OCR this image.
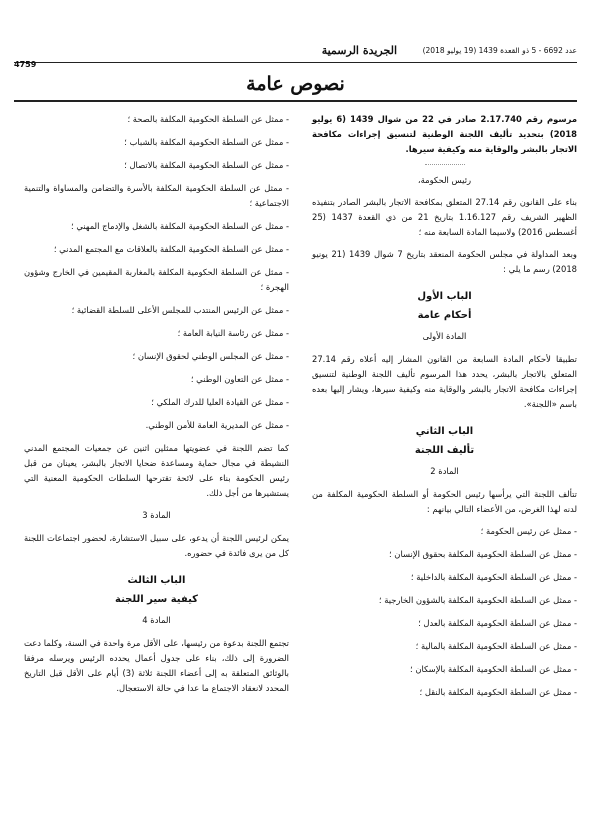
عدد 6692 - 5 ذو القعدة 1439 (19 يوليو 2018)
الجريدة الرسمية
4759
نصوص عامة

مرسوم رقم 2.17.740 صادر في 22 من شوال 1439 (6 يوليو 2018) بتحديد تأليف اللجنة الوطنية لتنسيق إجراءات مكافحة الاتجار بالبشر والوقاية منه وكيفية سيرها.

رئيس الحكومة،

بناء على القانون رقم 27.14 المتعلق بمكافحة الاتجار بالبشر الصادر بتنفيذه الظهير الشريف رقم 1.16.127 بتاريخ 21 من ذي القعدة 1437 (25 أغسطس 2016) ولاسيما المادة السابعة منه ؛

وبعد المداولة في مجلس الحكومة المنعقد بتاريخ 7 شوال 1439 (21 يونيو 2018) رسم ما يلي :

الباب الأول
أحكام عامة
المادة الأولى

تطبيقا لأحكام المادة السابعة من القانون المشار إليه أعلاه رقم 27.14 المتعلق بالاتجار بالبشر، يحدد هذا المرسوم تأليف اللجنة الوطنية لتنسيق إجراءات مكافحة الاتجار بالبشر والوقاية منه وكيفية سيرها، ويشار إليها بعده باسم «اللجنة».

الباب الثاني
تأليف اللجنة
المادة 2

تتألف اللجنة التي يرأسها رئيس الحكومة أو السلطة الحكومية المكلفة من لدنه لهذا الغرض، من الأعضاء التالي بيانهم :

- ممثل عن رئيس الحكومة ؛
- ممثل عن السلطة الحكومية المكلفة بحقوق الإنسان ؛
- ممثل عن السلطة الحكومية المكلفة بالداخلية ؛
- ممثل عن السلطة الحكومية المكلفة بالشؤون الخارجية ؛
- ممثل عن السلطة الحكومية المكلفة بالعدل ؛
- ممثل عن السلطة الحكومية المكلفة بالمالية ؛
- ممثل عن السلطة الحكومية المكلفة بالإسكان ؛
- ممثل عن السلطة الحكومية المكلفة بالنقل ؛
- ممثل عن السلطة الحكومية المكلفة بالصحة ؛
- ممثل عن السلطة الحكومية المكلفة بالشباب ؛
- ممثل عن السلطة الحكومية المكلفة بالاتصال ؛
- ممثل عن السلطة الحكومية المكلفة بالأسرة والتضامن والمساواة والتنمية الاجتماعية ؛
- ممثل عن السلطة الحكومية المكلفة بالشغل والإدماج المهني ؛
- ممثل عن السلطة الحكومية المكلفة بالعلاقات مع المجتمع المدني ؛
- ممثل عن السلطة الحكومية المكلفة بالمغاربة المقيمين في الخارج وشؤون الهجرة ؛
- ممثل عن الرئيس المنتدب للمجلس الأعلى للسلطة القضائية ؛
- ممثل عن رئاسة النيابة العامة ؛
- ممثل عن المجلس الوطني لحقوق الإنسان ؛
- ممثل عن التعاون الوطني ؛
- ممثل عن القيادة العليا للدرك الملكي ؛
- ممثل عن المديرية العامة للأمن الوطني.

كما تضم اللجنة في عضويتها ممثلين اثنين عن جمعيات المجتمع المدني النشيطة في مجال حماية ومساعدة ضحايا الاتجار بالبشر، يعينان من قبل رئيس الحكومة بناء على لائحة تقترحها السلطات الحكومية المعنية التي يستشيرها من أجل ذلك.

المادة 3

يمكن لرئيس اللجنة أن يدعو، على سبيل الاستشارة، لحضور اجتماعات اللجنة كل من يرى فائدة في حضوره.

الباب الثالث
كيفية سير اللجنة
المادة 4

تجتمع اللجنة بدعوة من رئيسها، على الأقل مرة واحدة في السنة، وكلما دعت الضرورة إلى ذلك، بناء على جدول أعمال يحدده الرئيس ويرسله مرفقا بالوثائق المتعلقة به إلى أعضاء اللجنة ثلاثة (3) أيام على الأقل قبل التاريخ المحدد لانعقاد الاجتماع ما عدا في حالة الاستعجال.
